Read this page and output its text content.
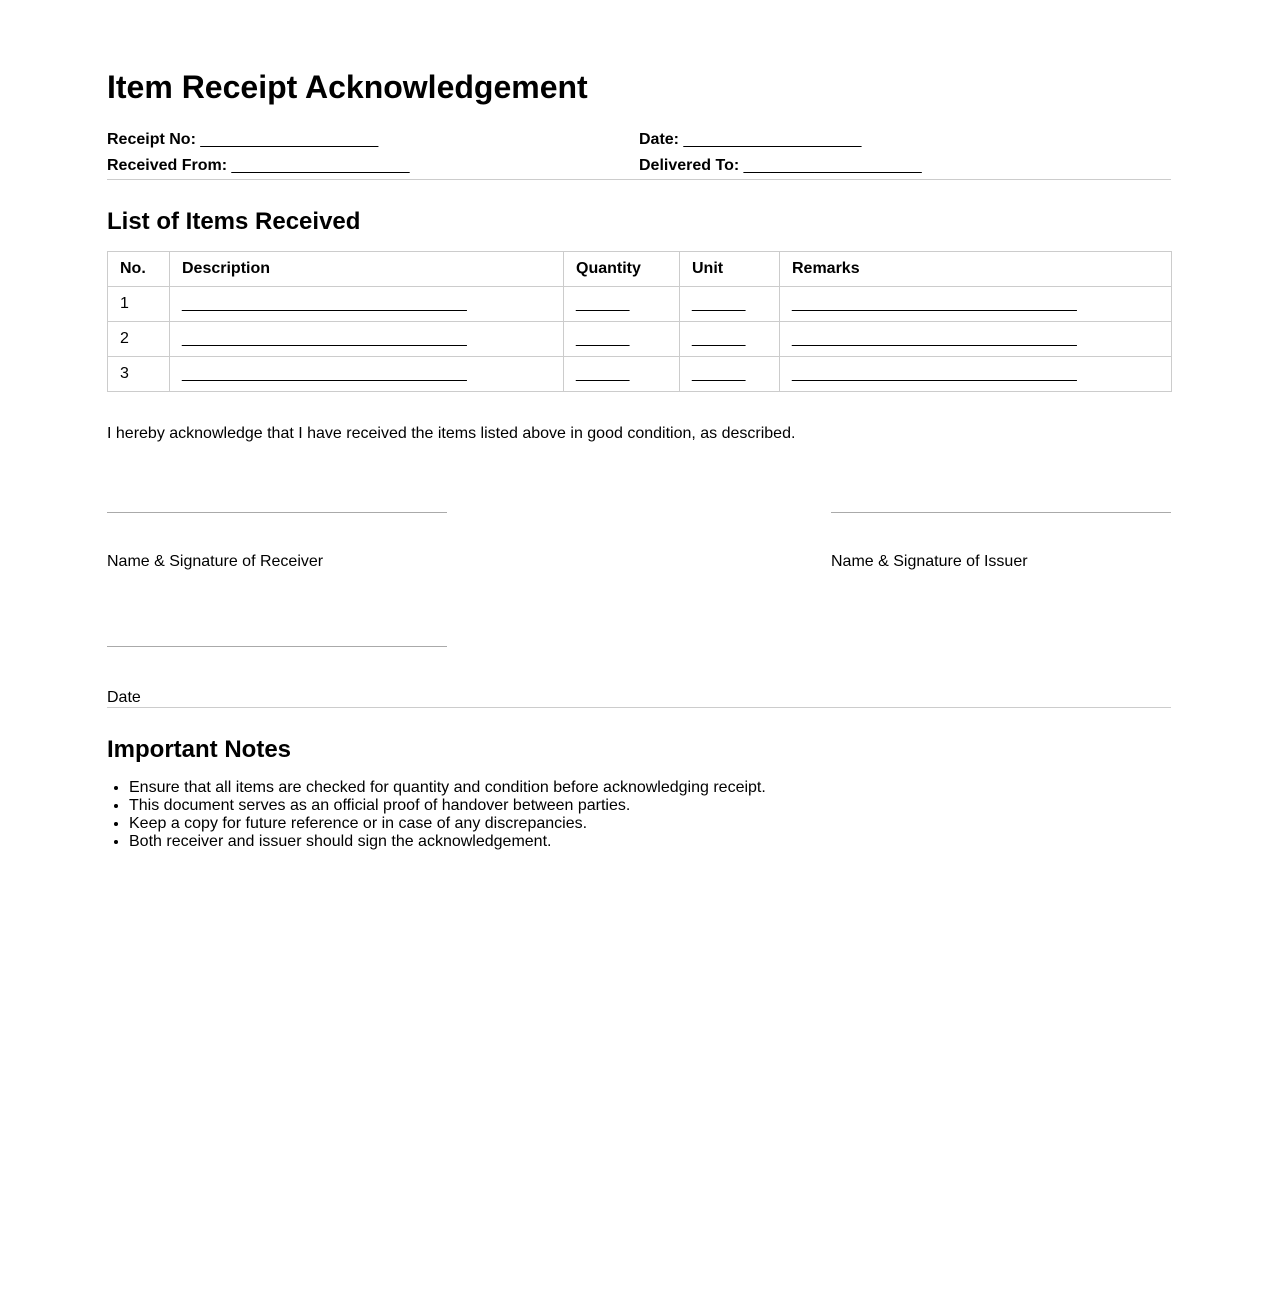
Item Receipt Acknowledgement
Receipt No: ____________________
Received From: ____________________
Date: ____________________
Delivered To: ____________________
List of Items Received
No.	Description	Quantity	Unit	Remarks
1	________________________________	______	______	________________________________
2	________________________________	______	______	________________________________
3	________________________________	______	______	________________________________

I hereby acknowledge that I have received the items listed above in good condition, as described.

Name & Signature of Receiver	Name & Signature of Issuer
Date
Important Notes
• Ensure that all items are checked for quantity and condition before acknowledging receipt.
• This document serves as an official proof of handover between parties.
• Keep a copy for future reference or in case of any discrepancies.
• Both receiver and issuer should sign the acknowledgement.
